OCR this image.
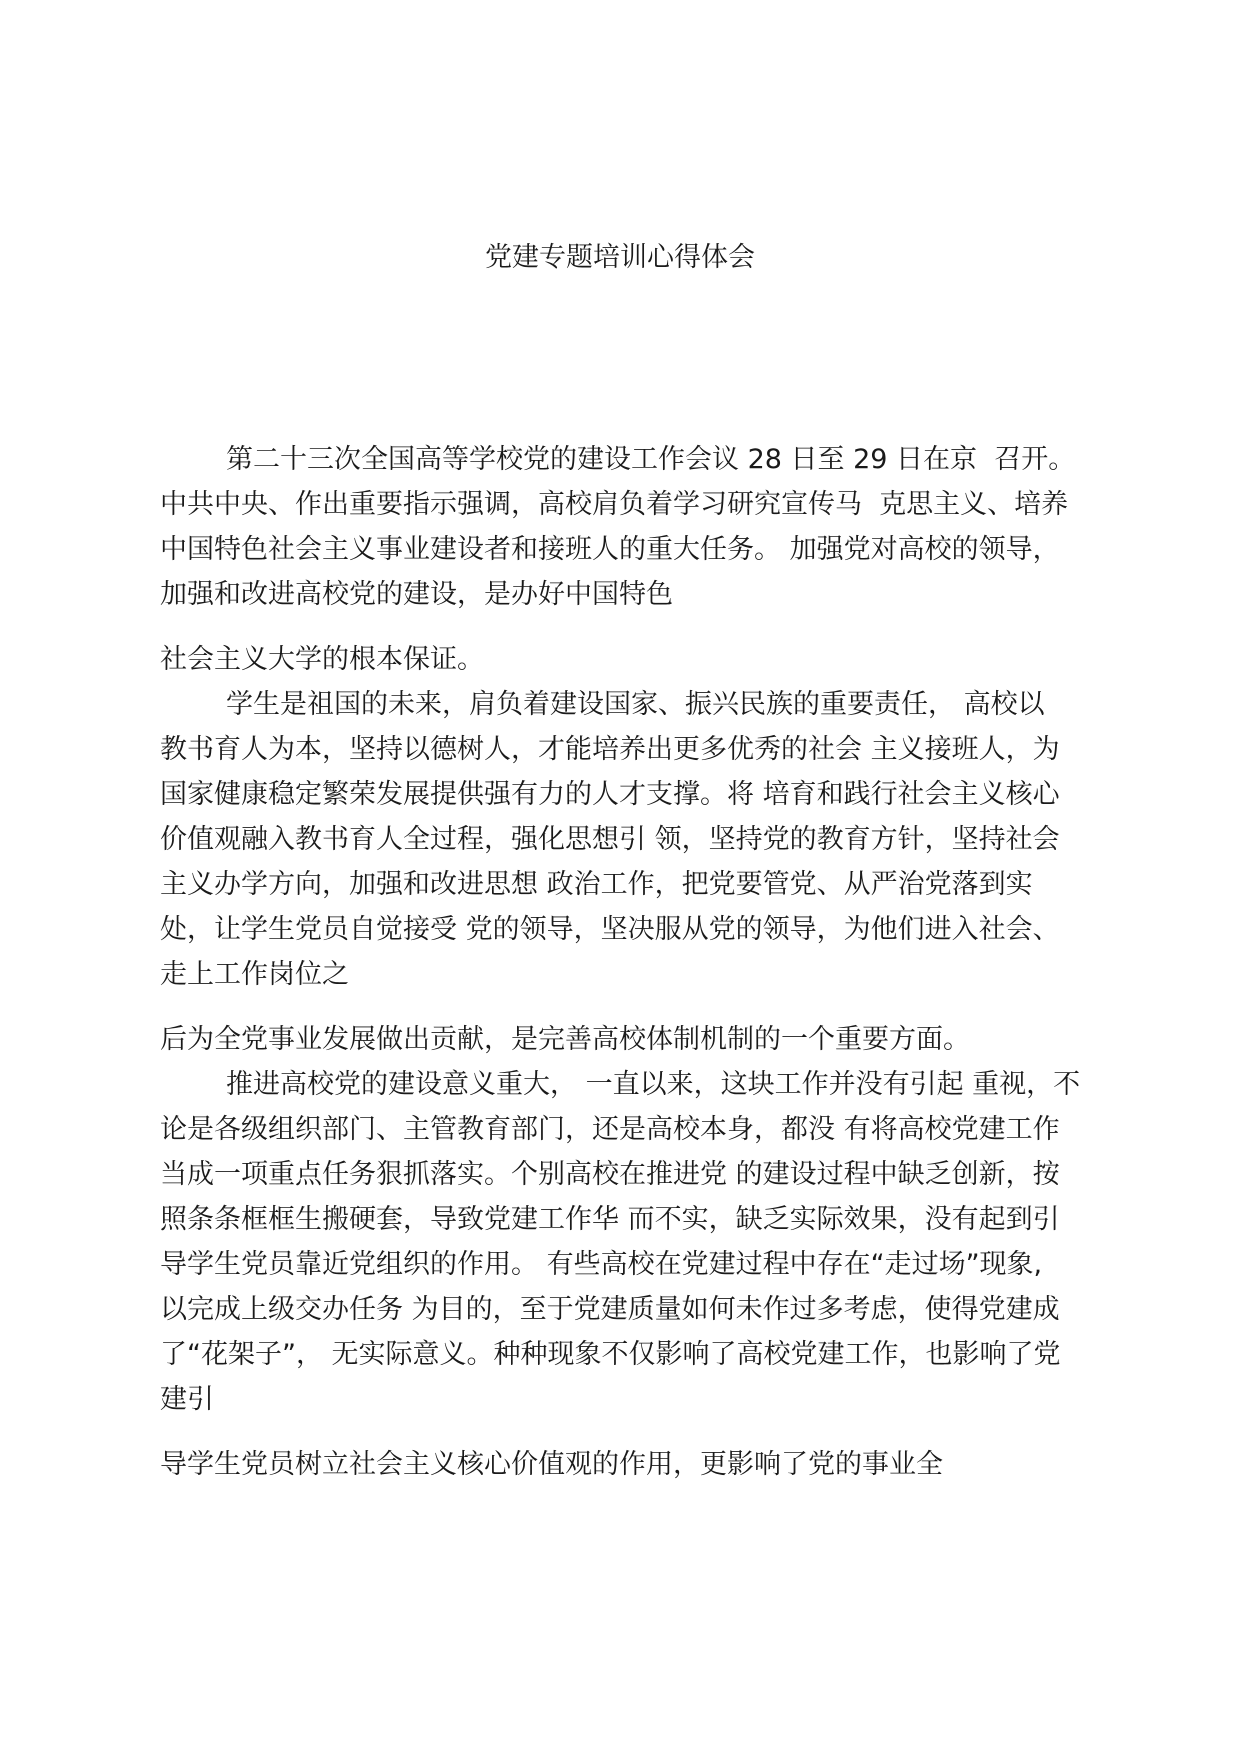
党建专题培训心得体会
第二十三次全国高等学校党的建设工作会议 28 日至 29 日在京  召开。
中共中央、作出重要指示强调，高校肩负着学习研究宣传马  克思主义、培养
中国特色社会主义事业建设者和接班人的重大任务。 加强党对高校的领导，
加强和改进高校党的建设，是办好中国特色
社会主义大学的根本保证。
学生是祖国的未来，肩负着建设国家、振兴民族的重要责任， 高校以
教书育人为本，坚持以德树人，才能培养出更多优秀的社会 主义接班人，为
国家健康稳定繁荣发展提供强有力的人才支撑。将 培育和践行社会主义核心
价值观融入教书育人全过程，强化思想引 领，坚持党的教育方针，坚持社会
主义办学方向，加强和改进思想 政治工作，把党要管党、从严治党落到实
处，让学生党员自觉接受 党的领导，坚决服从党的领导，为他们进入社会、
走上工作岗位之
后为全党事业发展做出贡献，是完善高校体制机制的一个重要方面。
推进高校党的建设意义重大， 一直以来，这块工作并没有引起 重视，不
论是各级组织部门、主管教育部门，还是高校本身，都没 有将高校党建工作
当成一项重点任务狠抓落实。个别高校在推进党 的建设过程中缺乏创新，按
照条条框框生搬硬套，导致党建工作华 而不实，缺乏实际效果，没有起到引
导学生党员靠近党组织的作用。 有些高校在党建过程中存在“走过场”现象,
以完成上级交办任务 为目的，至于党建质量如何未作过多考虑，使得党建成
了“花架子”， 无实际意义。种种现象不仅影响了高校党建工作，也影响了党
建引
导学生党员树立社会主义核心价值观的作用，更影响了党的事业全
